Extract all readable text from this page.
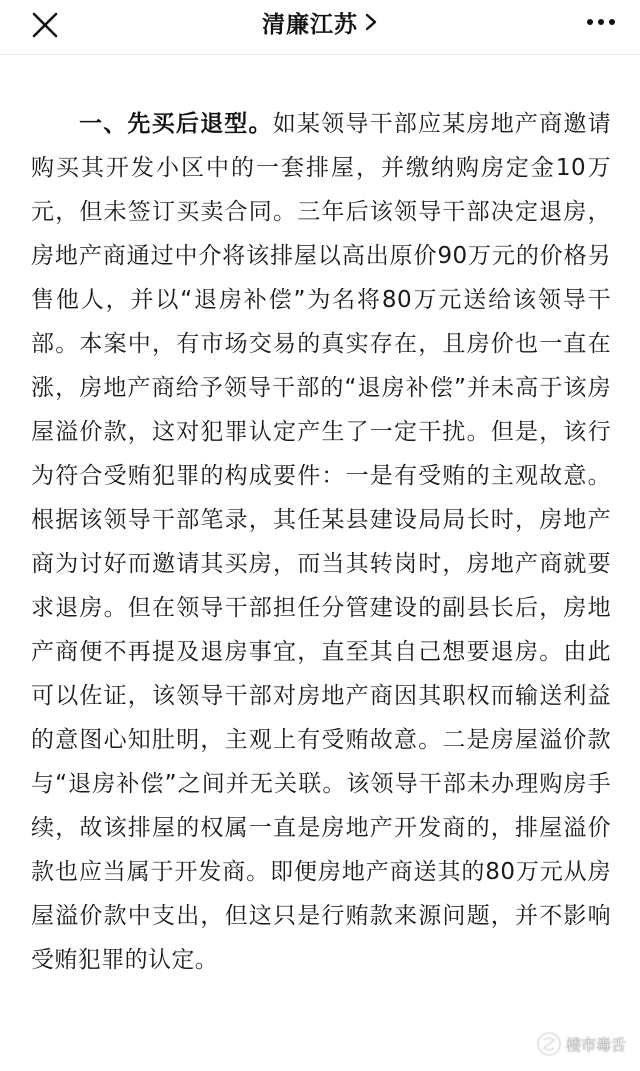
清廉江苏

一、先买后退型。如某领导干部应某房地产商邀请购买其开发小区中的一套排屋，并缴纳购房定金10万元，但未签订买卖合同。三年后该领导干部决定退房，房地产商通过中介将该排屋以高出原价90万元的价格另售他人，并以“退房补偿”为名将80万元送给该领导干部。本案中，有市场交易的真实存在，且房价也一直在涨，房地产商给予领导干部的“退房补偿”并未高于该房屋溢价款，这对犯罪认定产生了一定干扰。但是，该行为符合受贿犯罪的构成要件：一是有受贿的主观故意。根据该领导干部笔录，其任某县建设局局长时，房地产商为讨好而邀请其买房，而当其转岗时，房地产商就要求退房。但在领导干部担任分管建设的副县长后，房地产商便不再提及退房事宜，直至其自己想要退房。由此可以佐证，该领导干部对房地产商因其职权而输送利益的意图心知肚明，主观上有受贿故意。二是房屋溢价款与“退房补偿”之间并无关联。该领导干部未办理购房手续，故该排屋的权属一直是房地产开发商的，排屋溢价款也应当属于开发商。即便房地产商送其的80万元从房屋溢价款中支出，但这只是行贿款来源问题，并不影响受贿犯罪的认定。

楼市毒舌
